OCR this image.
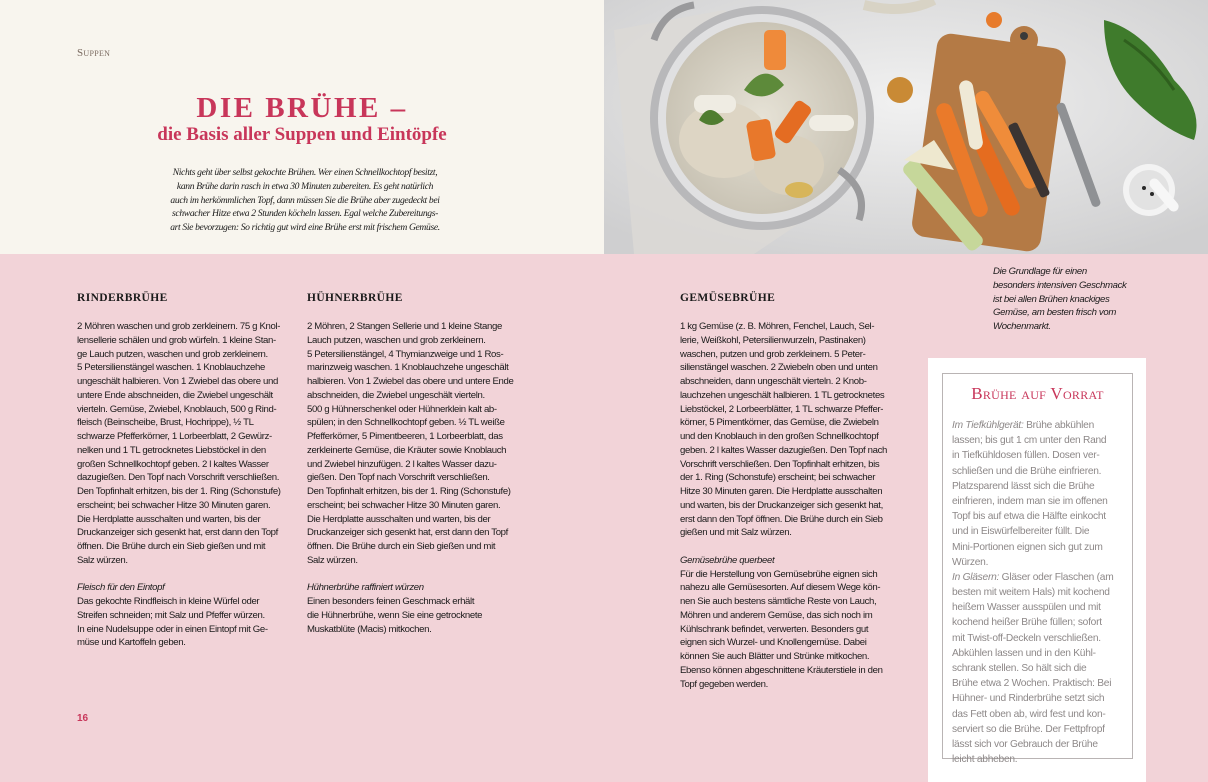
Suppen
DIE BRÜHE –
die Basis aller Suppen und Eintöpfe
Nichts geht über selbst gekochte Brühen. Wer einen Schnellkochtopf besitzt,
kann Brühe darin rasch in etwa 30 Minuten zubereiten. Es geht natürlich
auch im herkömmlichen Topf, dann müssen Sie die Brühe aber zugedeckt bei
schwacher Hitze etwa 2 Stunden köcheln lassen. Egal welche Zubereitungs-
art Sie bevorzugen: So richtig gut wird eine Brühe erst mit frischem Gemüse.
RINDERBRÜHE
2 Möhren waschen und grob zerkleinern. 75 g Knol-
lensellerie schälen und grob würfeln. 1 kleine Stan-
ge Lauch putzen, waschen und grob zerkleinern.
5 Petersilienstängel waschen. 1 Knoblauchzehe
ungeschält halbieren. Von 1 Zwiebel das obere und
untere Ende abschneiden, die Zwiebel ungeschält
vierteln. Gemüse, Zwiebel, Knoblauch, 500 g Rind-
fleisch (Beinscheibe, Brust, Hochrippe), ½ TL
schwarze Pfefferkörner, 1 Lorbeerblatt, 2 Gewürz-
nelken und 1 TL getrocknetes Liebstöckel in den
großen Schnellkochtopf geben. 2 l kaltes Wasser
dazugießen. Den Topf nach Vorschrift verschließen.
Den Topfinhalt erhitzen, bis der 1. Ring (Schonstufe)
erscheint; bei schwacher Hitze 30 Minuten garen.
Die Herdplatte ausschalten und warten, bis der
Druckanzeiger sich gesenkt hat, erst dann den Topf
öffnen. Die Brühe durch ein Sieb gießen und mit
Salz würzen.

Fleisch für den Eintopf
Das gekochte Rindfleisch in kleine Würfel oder
Streifen schneiden; mit Salz und Pfeffer würzen.
In eine Nudelsuppe oder in einen Eintopf mit Ge-
müse und Kartoffeln geben.
HÜHNERBRÜHE
2 Möhren, 2 Stangen Sellerie und 1 kleine Stange
Lauch putzen, waschen und grob zerkleinern.
5 Petersilienstängel, 4 Thymianzweige und 1 Ros-
marinzweig waschen. 1 Knoblauchzehe ungeschält
halbieren. Von 1 Zwiebel das obere und untere Ende
abschneiden, die Zwiebel ungeschält vierteln.
500 g Hühnerschenkel oder Hühnerklein kalt ab-
spülen; in den Schnellkochtopf geben. ½ TL weiße
Pfefferkörner, 5 Pimentbeeren, 1 Lorbeerblatt, das
zerkleinerte Gemüse, die Kräuter sowie Knoblauch
und Zwiebel hinzufügen. 2 l kaltes Wasser dazu-
gießen. Den Topf nach Vorschrift verschließen.
Den Topfinhalt erhitzen, bis der 1. Ring (Schonstufe)
erscheint; bei schwacher Hitze 30 Minuten garen.
Die Herdplatte ausschalten und warten, bis der
Druckanzeiger sich gesenkt hat, erst dann den Topf
öffnen. Die Brühe durch ein Sieb gießen und mit
Salz würzen.

Hühnerbrühe raffiniert würzen
Einen besonders feinen Geschmack erhält
die Hühnerbrühe, wenn Sie eine getrocknete
Muskatblüte (Macis) mitkochen.
GEMÜSEBRÜHE
1 kg Gemüse (z. B. Möhren, Fenchel, Lauch, Sel-
lerie, Weißkohl, Petersilienwurzeln, Pastinaken)
waschen, putzen und grob zerkleinern. 5 Peter-
silienstängel waschen. 2 Zwiebeln oben und unten
abschneiden, dann ungeschält vierteln. 2 Knob-
lauchzehen ungeschält halbieren. 1 TL getrocknetes
Liebstöckel, 2 Lorbeerblätter, 1 TL schwarze Pfeffer-
körner, 5 Pimentkörner, das Gemüse, die Zwiebeln
und den Knoblauch in den großen Schnellkochtopf
geben. 2 l kaltes Wasser dazugießen. Den Topf nach
Vorschrift verschließen. Den Topfinhalt erhitzen, bis
der 1. Ring (Schonstufe) erscheint; bei schwacher
Hitze 30 Minuten garen. Die Herdplatte ausschalten
und warten, bis der Druckanzeiger sich gesenkt hat,
erst dann den Topf öffnen. Die Brühe durch ein Sieb
gießen und mit Salz würzen.

Gemüsebrühe querbeet
Für die Herstellung von Gemüsebrühe eignen sich
nahezu alle Gemüsesorten. Auf diesem Wege kön-
nen Sie auch bestens sämtliche Reste von Lauch,
Möhren und anderem Gemüse, das sich noch im
Kühlschrank befindet, verwerten. Besonders gut
eignen sich Wurzel- und Knollengemüse. Dabei
können Sie auch Blätter und Strünke mitkochen.
Ebenso können abgeschnittene Kräuterstiele in den
Topf gegeben werden.
Die Grundlage für einen
besonders intensiven Geschmack
ist bei allen Brühen knackiges
Gemüse, am besten frisch vom
Wochenmarkt.
Brühe auf Vorrat
Im Tiefkühlgerät: Brühe abkühlen
lassen; bis gut 1 cm unter den Rand
in Tiefkühldosen füllen. Dosen ver-
schließen und die Brühe einfrieren.
Platzsparend lässt sich die Brühe
einfrieren, indem man sie im offenen
Topf bis auf etwa die Hälfte einkocht
und in Eiswürfelbereiter füllt. Die
Mini-Portionen eignen sich gut zum
Würzen.
In Gläsern: Gläser oder Flaschen (am
besten mit weitem Hals) mit kochend
heißem Wasser ausspülen und mit
kochend heißer Brühe füllen; sofort
mit Twist-off-Deckeln verschließen.
Abkühlen lassen und in den Kühl-
schrank stellen. So hält sich die
Brühe etwa 2 Wochen. Praktisch: Bei
Hühner- und Rinderbrühe setzt sich
das Fett oben ab, wird fest und kon-
serviert so die Brühe. Der Fettpfropf
lässt sich vor Gebrauch der Brühe
leicht abheben.
16
